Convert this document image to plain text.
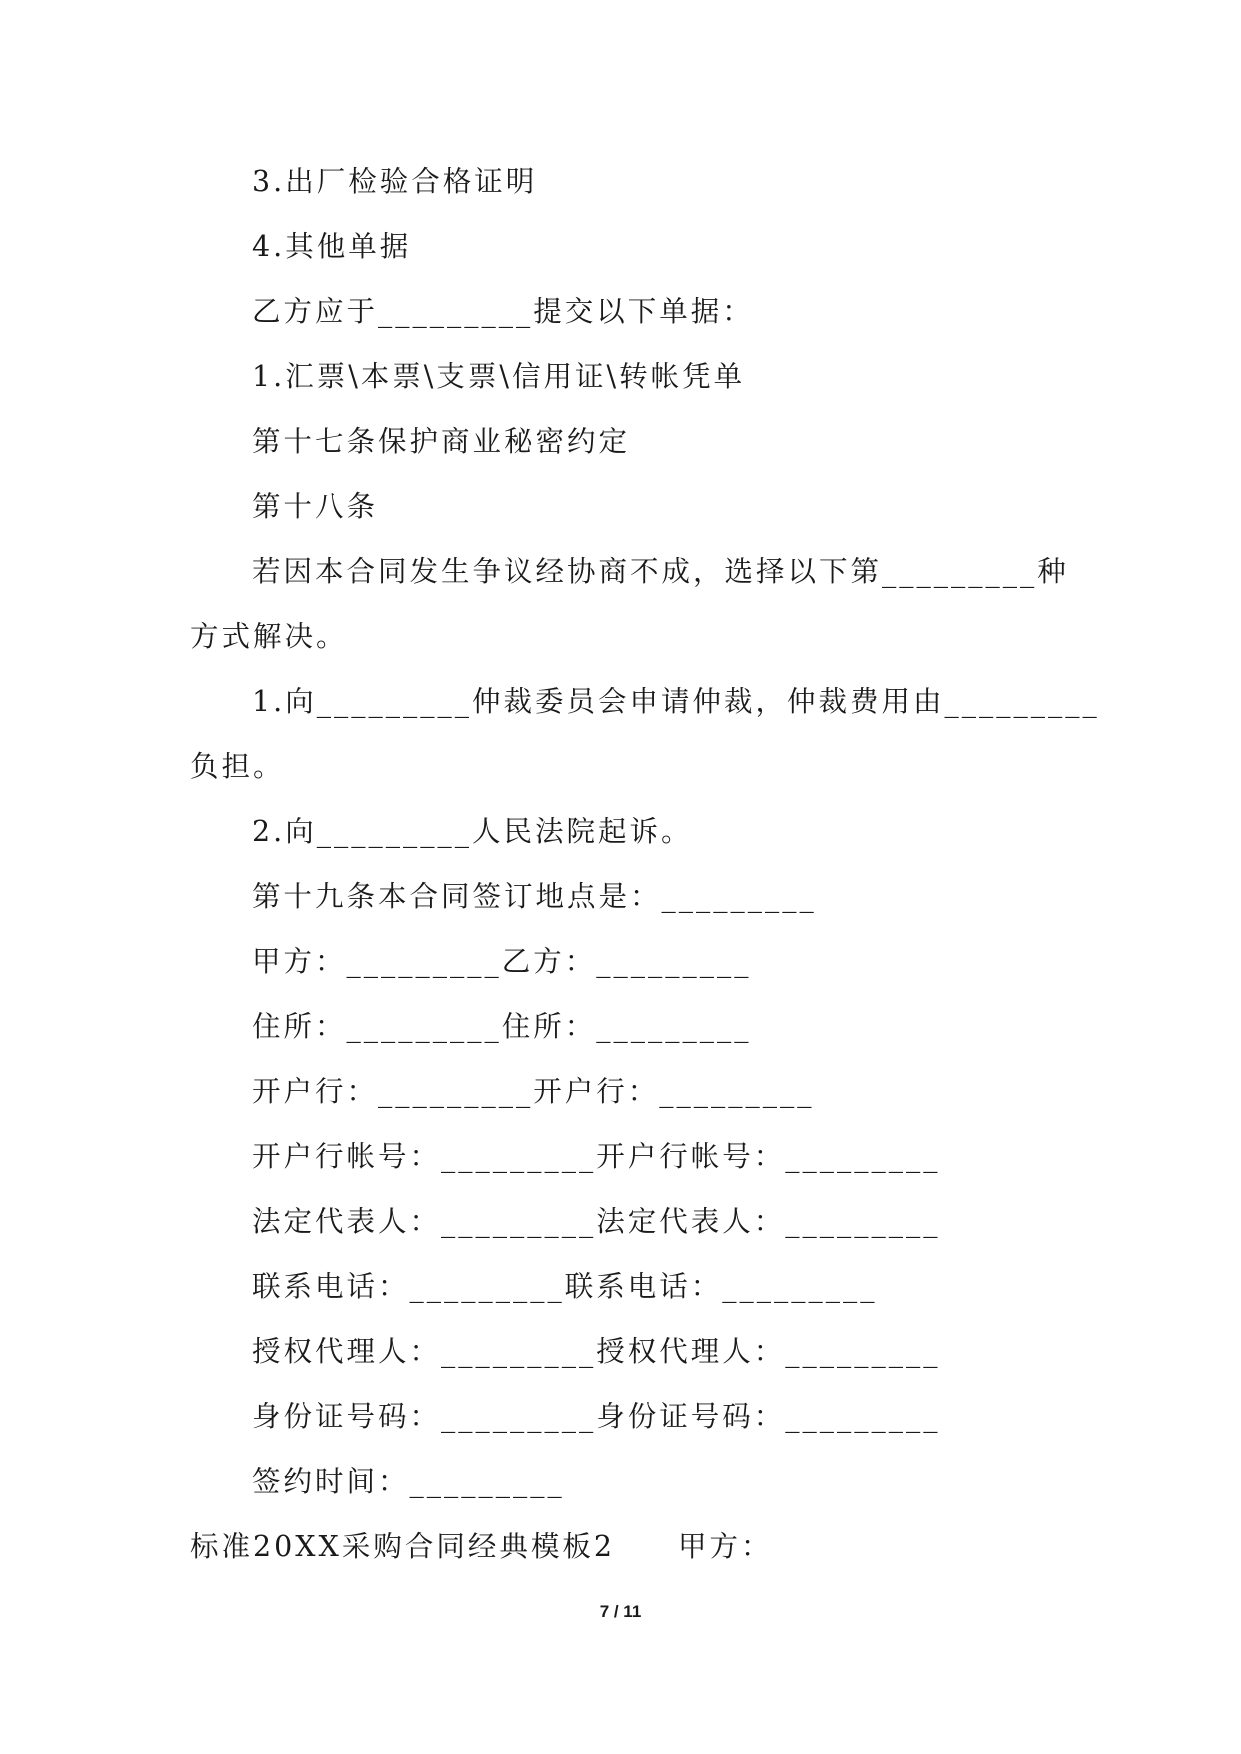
3.出厂检验合格证明
4.其他单据
乙方应于_________提交以下单据：
1.汇票\本票\支票\信用证\转帐凭单
第十七条保护商业秘密约定
第十八条
若因本合同发生争议经协商不成，选择以下第_________种
方式解决。
1.向_________仲裁委员会申请仲裁，仲裁费用由_________
负担。
2.向_________人民法院起诉。
第十九条本合同签订地点是：_________
甲方：_________乙方：_________
住所：_________住所：_________
开户行：_________开户行：_________
开户行帐号：_________开户行帐号：_________
法定代表人：_________法定代表人：_________
联系电话：_________联系电话：_________
授权代理人：_________授权代理人：_________
身份证号码：_________身份证号码：_________
签约时间：_________
标准20XX采购合同经典模板2　　甲方：
7 / 11
